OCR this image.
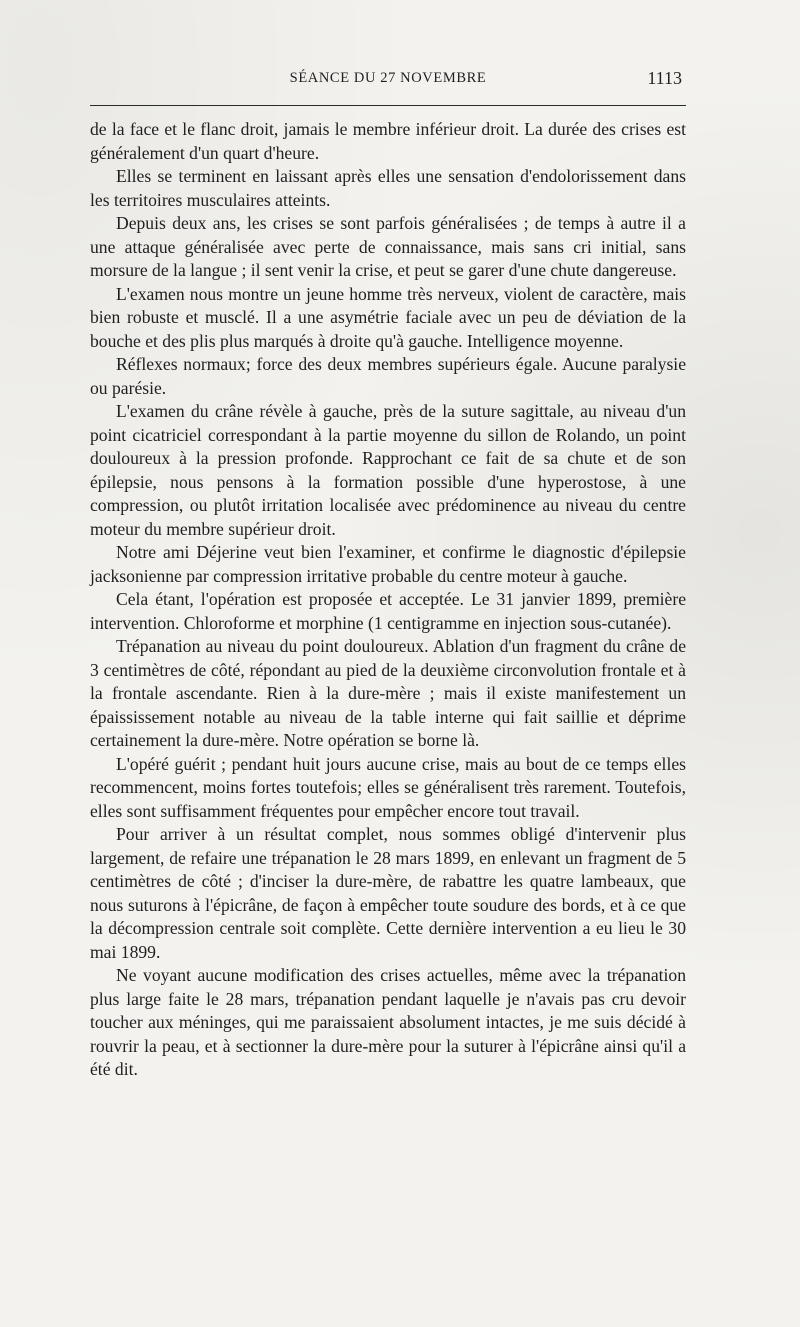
SÉANCE DU 27 NOVEMBRE	1113

de la face et le flanc droit, jamais le membre inférieur droit. La durée des crises est généralement d'un quart d'heure.

Elles se terminent en laissant après elles une sensation d'endolorissement dans les territoires musculaires atteints.

Depuis deux ans, les crises se sont parfois généralisées ; de temps à autre il a une attaque généralisée avec perte de connaissance, mais sans cri initial, sans morsure de la langue ; il sent venir la crise, et peut se garer d'une chute dangereuse.

L'examen nous montre un jeune homme très nerveux, violent de caractère, mais bien robuste et musclé. Il a une asymétrie faciale avec un peu de déviation de la bouche et des plis plus marqués à droite qu'à gauche. Intelligence moyenne.

Réflexes normaux; force des deux membres supérieurs égale. Aucune paralysie ou parésie.

L'examen du crâne révèle à gauche, près de la suture sagittale, au niveau d'un point cicatriciel correspondant à la partie moyenne du sillon de Rolando, un point douloureux à la pression profonde. Rapprochant ce fait de sa chute et de son épilepsie, nous pensons à la formation possible d'une hyperostose, à une compression, ou plutôt irritation localisée avec prédominence au niveau du centre moteur du membre supérieur droit.

Notre ami Déjerine veut bien l'examiner, et confirme le diagnostic d'épilepsie jacksonienne par compression irritative probable du centre moteur à gauche.

Cela étant, l'opération est proposée et acceptée. Le 31 janvier 1899, première intervention. Chloroforme et morphine (1 centigramme en injection sous-cutanée).

Trépanation au niveau du point douloureux. Ablation d'un fragment du crâne de 3 centimètres de côté, répondant au pied de la deuxième circonvolution frontale et à la frontale ascendante. Rien à la dure-mère ; mais il existe manifestement un épaississement notable au niveau de la table interne qui fait saillie et déprime certainement la dure-mère. Notre opération se borne là.

L'opéré guérit ; pendant huit jours aucune crise, mais au bout de ce temps elles recommencent, moins fortes toutefois; elles se généralisent très rarement. Toutefois, elles sont suffisamment fréquentes pour empêcher encore tout travail.

Pour arriver à un résultat complet, nous sommes obligé d'intervenir plus largement, de refaire une trépanation le 28 mars 1899, en enlevant un fragment de 5 centimètres de côté ; d'inciser la dure-mère, de rabattre les quatre lambeaux, que nous suturons à l'épicrâne, de façon à empêcher toute soudure des bords, et à ce que la décompression centrale soit complète. Cette dernière intervention a eu lieu le 30 mai 1899.

Ne voyant aucune modification des crises actuelles, même avec la trépanation plus large faite le 28 mars, trépanation pendant laquelle je n'avais pas cru devoir toucher aux méninges, qui me paraissaient absolument intactes, je me suis décidé à rouvrir la peau, et à sectionner la dure-mère pour la suturer à l'épicrâne ainsi qu'il a été dit.
